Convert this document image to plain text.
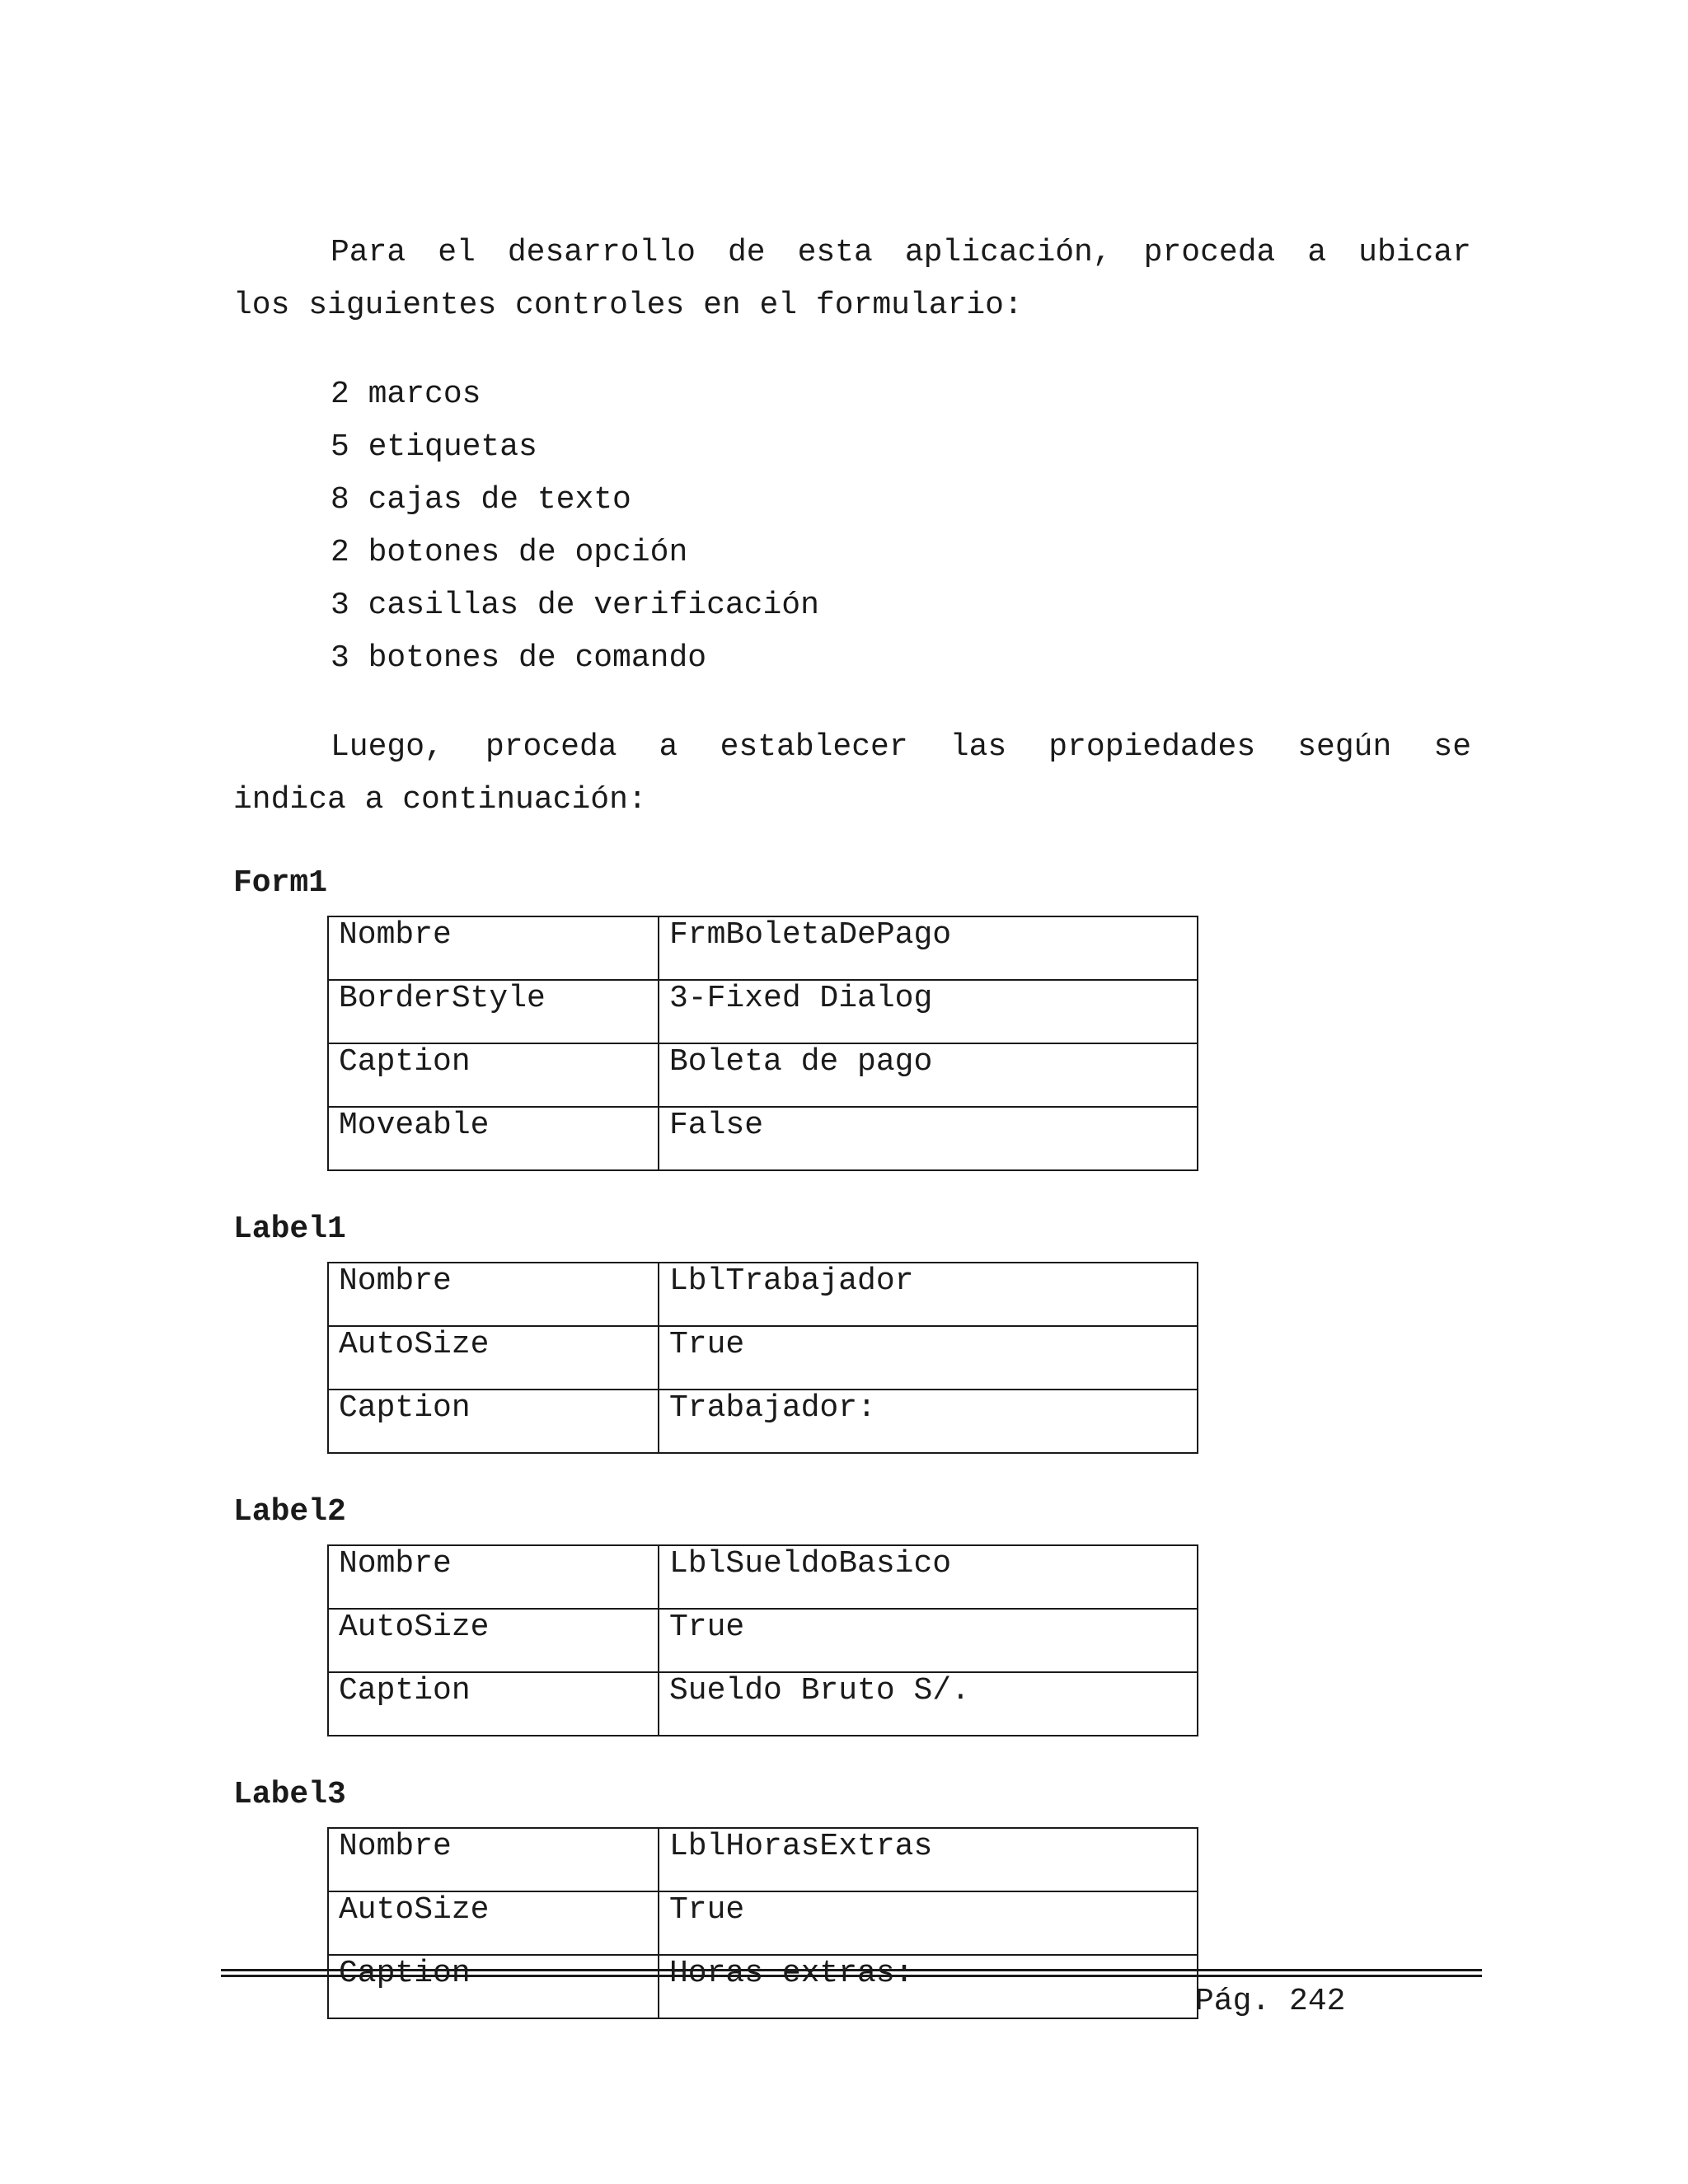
Para el desarrollo de esta aplicación, proceda a ubicar
los siguientes controles en el formulario:

2 marcos
5 etiquetas
8 cajas de texto
2 botones de opción
3 casillas de verificación
3 botones de comando

Luego, proceda a establecer las propiedades según se
indica a continuación:

Form1
Nombre	FrmBoletaDePago
BorderStyle	3-Fixed Dialog
Caption	Boleta de pago
Moveable	False
Label1
Nombre	LblTrabajador
AutoSize	True
Caption	Trabajador:
Label2
Nombre	LblSueldoBasico
AutoSize	True
Caption	Sueldo Bruto S/.
Label3
Nombre	LblHorasExtras
AutoSize	True
Caption	Horas extras:
Pág. 242
